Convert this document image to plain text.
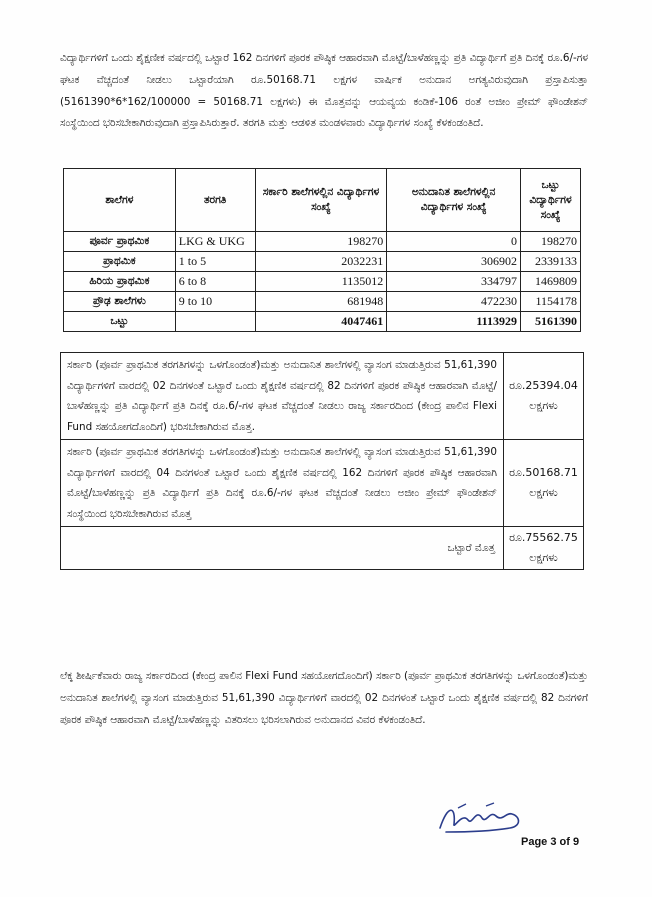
ವಿದ್ಯಾರ್ಥಿಗಳಿಗೆ ಒಂದು ಶೈಕ್ಷಣೀಕ ವರ್ಷದಲ್ಲಿ ಒಟ್ಟಾರೆ 162 ದಿನಗಳಿಗೆ ಪೂರಕ ಪೌಷ್ಠಿಕ ಆಹಾರವಾಗಿ ಮೊಟ್ಟೆ/ಬಾಳೆಹಣ್ಣನ್ನು ಪ್ರತಿ ವಿದ್ಯಾರ್ಥಿಗೆ ಪ್ರತಿ ದಿನಕ್ಕೆ ರೂ.6/-ಗಳ ಘಟಕ ವೆಚ್ಚದಂತೆ ನೀಡಲು ಒಟ್ಟಾರೆಯಾಗಿ ರೂ.50168.71 ಲಕ್ಷಗಳ ವಾರ್ಷಿಕ ಅನುದಾನ ಅಗತ್ಯವಿರುವುದಾಗಿ ಪ್ರಸ್ತಾಪಿಸುತ್ತಾ (5161390*6*162/100000 = 50168.71 ಲಕ್ಷಗಳು) ಈ ಮೊತ್ತವನ್ನು ಆಯವ್ಯಯ ಕಂಡಿಕೆ-106 ರಂತೆ ಅಜೀಂ ಪ್ರೇಮ್ ಫೌಂಡೇಶನ್ ಸಂಸ್ಥೆಯಿಂದ ಭರಿಸಬೇಕಾಗಿರುವುದಾಗಿ ಪ್ರಸ್ತಾಪಿಸಿರುತ್ತಾರೆ. ತರಗತಿ ಮತ್ತು ಆಡಳಿತ ಮಂಡಳವಾರು ವಿದ್ಯಾರ್ಥಿಗಳ ಸಂಖ್ಯೆ ಕೆಳಕಂಡಂತಿದೆ.

ಶಾಲೆಗಳ	ತರಗತಿ	ಸರ್ಕಾರಿ ಶಾಲೆಗಳಲ್ಲಿನ ವಿದ್ಯಾರ್ಥಿಗಳ ಸಂಖ್ಯೆ	ಅನುದಾನಿತ ಶಾಲೆಗಳಲ್ಲಿನ ವಿದ್ಯಾರ್ಥಿಗಳ ಸಂಖ್ಯೆ	ಒಟ್ಟು ವಿದ್ಯಾರ್ಥಿಗಳ ಸಂಖ್ಯೆ
ಪೂರ್ವ ಪ್ರಾಥಮಿಕ	LKG & UKG	198270	0	198270
ಪ್ರಾಥಮಿಕ	1 to 5	2032231	306902	2339133
ಹಿರಿಯ ಪ್ರಾಥಮಿಕ	6 to 8	1135012	334797	1469809
ಪ್ರೌಢ ಶಾಲೆಗಳು	9 to 10	681948	472230	1154178
ಒಟ್ಟು		4047461	1113929	5161390
ಸರ್ಕಾರಿ (ಪೂರ್ವ ಪ್ರಾಥಮಿಕ ತರಗತಿಗಳನ್ನು ಒಳಗೊಂಡಂತೆ)ಮತ್ತು ಅನುದಾನಿತ ಶಾಲೆಗಳಲ್ಲಿ ವ್ಯಾಸಂಗ ಮಾಡುತ್ತಿರುವ 51,61,390 ವಿದ್ಯಾರ್ಥಿಗಳಿಗೆ ವಾರದಲ್ಲಿ 02 ದಿನಗಳಂತೆ ಒಟ್ಟಾರೆ ಒಂದು ಶೈಕ್ಷಣಿಕ ವರ್ಷದಲ್ಲಿ 82 ದಿನಗಳಿಗೆ ಪೂರಕ ಪೌಷ್ಠಿಕ ಆಹಾರವಾಗಿ ಮೊಟ್ಟೆ/ಬಾಳೆಹಣ್ಣನ್ನು ಪ್ರತಿ ವಿದ್ಯಾರ್ಥಿಗೆ ಪ್ರತಿ ದಿನಕ್ಕೆ ರೂ.6/-ಗಳ ಘಟಕ ವೆಚ್ಚದಂತೆ ನೀಡಲು ರಾಜ್ಯ ಸರ್ಕಾರದಿಂದ (ಕೇಂದ್ರ ಪಾಲಿನ Flexi Fund ಸಹಯೋಗದೊಂದಿಗೆ) ಭರಿಸಬೇಕಾಗಿರುವ ಮೊತ್ತ.	ರೂ.25394.04
ಲಕ್ಷಗಳು

ಸರ್ಕಾರಿ (ಪೂರ್ವ ಪ್ರಾಥಮಿಕ ತರಗತಿಗಳನ್ನು ಒಳಗೊಂಡಂತೆ)ಮತ್ತು ಅನುದಾನಿತ ಶಾಲೆಗಳಲ್ಲಿ ವ್ಯಾಸಂಗ ಮಾಡುತ್ತಿರುವ 51,61,390 ವಿದ್ಯಾರ್ಥಿಗಳಿಗೆ ವಾರದಲ್ಲಿ 04 ದಿನಗಳಂತೆ ಒಟ್ಟಾರೆ ಒಂದು ಶೈಕ್ಷಣಿಕ ವರ್ಷದಲ್ಲಿ 162 ದಿನಗಳಿಗೆ ಪೂರಕ ಪೌಷ್ಠಿಕ ಆಹಾರವಾಗಿ ಮೊಟ್ಟೆ/ಬಾಳೆಹಣ್ಣನ್ನು ಪ್ರತಿ ವಿದ್ಯಾರ್ಥಿಗೆ ಪ್ರತಿ ದಿನಕ್ಕೆ ರೂ.6/-ಗಳ ಘಟಕ ವೆಚ್ಚದಂತೆ ನೀಡಲು ಅಜೀಂ ಪ್ರೇಮ್ ಫೌಂಡೇಶನ್ ಸಂಸ್ಥೆಯಿಂದ ಭರಿಸಬೇಕಾಗಿರುವ ಮೊತ್ತ	ರೂ.50168.71
ಲಕ್ಷಗಳು

ಒಟ್ಟಾರೆ ಮೊತ್ತ	ರೂ.75562.75
ಲಕ್ಷಗಳು

ಲೆಕ್ಕ ಶೀರ್ಷಿಕೆವಾರು ರಾಜ್ಯ ಸರ್ಕಾರದಿಂದ (ಕೇಂದ್ರ ಪಾಲಿನ Flexi Fund ಸಹಯೋಗದೊಂದಿಗೆ) ಸರ್ಕಾರಿ (ಪೂರ್ವ ಪ್ರಾಥಮಿಕ ತರಗತಿಗಳನ್ನು ಒಳಗೊಂಡಂತೆ)ಮತ್ತು ಅನುದಾನಿತ ಶಾಲೆಗಳಲ್ಲಿ ವ್ಯಾಸಂಗ ಮಾಡುತ್ತಿರುವ 51,61,390 ವಿದ್ಯಾರ್ಥಿಗಳಿಗೆ ವಾರದಲ್ಲಿ 02 ದಿನಗಳಂತೆ ಒಟ್ಟಾರೆ ಒಂದು ಶೈಕ್ಷಣಿಕ ವರ್ಷದಲ್ಲಿ 82 ದಿನಗಳಿಗೆ ಪೂರಕ ಪೌಷ್ಠಿಕ ಆಹಾರವಾಗಿ ಮೊಟ್ಟೆ/ಬಾಳೆಹಣ್ಣನ್ನು ವಿತರಿಸಲು ಭರಿಸಲಾಗಿರುವ ಅನುದಾನದ ವಿವರ ಕೆಳಕಂಡಂತಿದೆ.

Page 3 of 9
